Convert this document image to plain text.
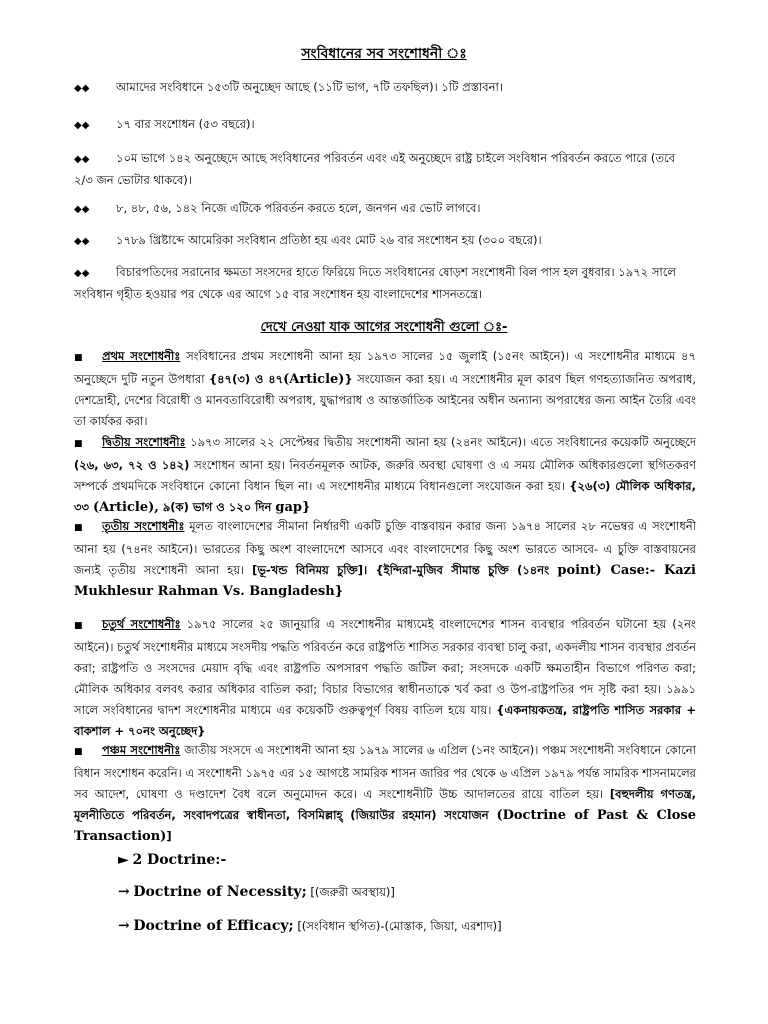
সংবিধানের সব সংশোধনী ঃ
◆◆ আমাদের সংবিধানে ১৫৩টি অনুচ্ছেদ আছে (১১টি ভাগ, ৭টি তফছিল)। ১টি প্রস্তাবনা।
◆◆ ১৭ বার সংশোধন (৫৩ বছরে)।
◆◆ ১০ম ভাগে ১৪২ অনুচ্ছেদে আছে সংবিধানের পরিবর্তন এবং এই অনুচ্ছেদে রাষ্ট্র চাইলে সংবিধান পরিবর্তন করতে পারে (তবে ২/৩ জন ভোটার থাকবে)।
◆◆ ৮, ৪৮, ৫৬, ১৪২ নিজে এটিকে পরিবর্তন করতে হলে, জনগন এর ভোট লাগবে।
◆◆ ১৭৮৯ খ্রিষ্টাব্দে আমেরিকা সংবিধান প্রতিষ্ঠা হয় এবং মোট ২৬ বার সংশোধন হয় (৩০০ বছরে)।
◆◆ বিচারপতিদের সরানোর ক্ষমতা সংসদের হাতে ফিরিয়ে দিতে সংবিধানের ষোড়শ সংশোধনী বিল পাস হল বুধবার। ১৯৭২ সালে সংবিধান গৃহীত হওয়ার পর থেকে এর আগে ১৫ বার সংশোধন হয় বাংলাদেশের শাসনতন্ত্রে।
দেখে নেওয়া যাক আগের সংশোধনী গুলো ঃ-
■ প্রথম সংশোধনীঃ সংবিধানের প্রথম সংশোধনী আনা হয় ১৯৭৩ সালের ১৫ জুলাই (১৫নং আইনে)। এ সংশোধনীর মাধ্যমে ৪৭ অনুচ্ছেদে দুটি নতুন উপধারা {৪৭(৩) ও ৪৭(Article)} সংযোজন করা হয়। এ সংশোধনীর মূল কারণ ছিল গণহত্যাজনিত অপরাধ, দেশদ্রোহী, দেশের বিরোধী ও মানবতাবিরোধী অপরাধ, যুদ্ধাপরাধ ও আন্তর্জাতিক আইনের অধীন অন্যান্য অপরাধের জন্য আইন তৈরি এবং তা কার্যকর করা।
■ দ্বিতীয় সংশোধনীঃ ১৯৭৩ সালের ২২ সেপ্টেম্বর দ্বিতীয় সংশোধনী আনা হয় (২৪নং আইনে)। এতে সংবিধানের কয়েকটি অনুচ্ছেদে (২৬, ৬৩, ৭২ ও ১৪২) সংশোধন আনা হয়। নিবর্তনমূলক আটক, জরুরি অবস্থা ঘোষণা ও এ সময় মৌলিক অধিকারগুলো স্থগিতকরণ সম্পর্কে প্রথমদিকে সংবিধানে কোনো বিধান ছিল না। এ সংশোধনীর মাধ্যমে বিধানগুলো সংযোজন করা হয়। {২৬(৩) মৌলিক অধিকার, ৩৩ (Article), ৯(ক) ভাগ ও ১২০ দিন gap}
■ তৃতীয় সংশোধনীঃ মূলত বাংলাদেশের সীমানা নির্ধারণী একটি চুক্তি বাস্তবায়ন করার জন্য ১৯৭৪ সালের ২৮ নভেম্বর এ সংশোধনী আনা হয় (৭৪নং আইনে)। ভারতের কিছু অংশ বাংলাদেশে আসবে এবং বাংলাদেশের কিছু অংশ ভারতে আসবে- এ চুক্তি বাস্তবায়নের জন্যই তৃতীয় সংশোধনী আনা হয়। [ভূ-খন্ড বিনিময় চুক্তি]। {ইন্দিরা-মুজিব সীমান্ত চুক্তি (১৪নং point) Case:- Kazi Mukhlesur Rahman Vs. Bangladesh}
■ চতুর্থ সংশোধনীঃ ১৯৭৫ সালের ২৫ জানুয়ারি এ সংশোধনীর মাধ্যমেই বাংলাদেশের শাসন ব্যবস্থার পরিবর্তন ঘটানো হয় (২নং আইনে)। চতুর্থ সংশোধনীর মাধ্যমে সংসদীয় পদ্ধতি পরিবর্তন করে রাষ্ট্রপতি শাসিত সরকার ব্যবস্থা চালু করা, একদলীয় শাসন ব্যবস্থার প্রবর্তন করা; রাষ্ট্রপতি ও সংসদের মেয়াদ বৃদ্ধি এবং রাষ্ট্রপতি অপসারণ পদ্ধতি জটিল করা; সংসদকে একটি ক্ষমতাহীন বিভাগে পরিণত করা; মৌলিক অধিকার বলবৎ করার অধিকার বাতিল করা; বিচার বিভাগের স্বাধীনতাকে খর্ব করা ও উপ-রাষ্ট্রপতির পদ সৃষ্টি করা হয়। ১৯৯১ সালে সংবিধানের দ্বাদশ সংশোধনীর মাধ্যমে এর কয়েকটি গুরুত্বপূর্ণ বিষয় বাতিল হয়ে যায়। {একনায়কতন্ত্র, রাষ্ট্রপতি শাসিত সরকার + বাকশাল + ৭০নং অনুচ্ছেদ}
■ পঞ্চম সংশোধনীঃ জাতীয় সংসদে এ সংশোধনী আনা হয় ১৯৭৯ সালের ৬ এপ্রিল (১নং আইনে)। পঞ্চম সংশোধনী সংবিধানে কোনো বিধান সংশোধন করেনি। এ সংশোধনী ১৯৭৫ এর ১৫ আগষ্টে সামরিক শাসন জারির পর থেকে ৬ এপ্রিল ১৯৭৯ পর্যন্ত সামরিক শাসনামলের সব আদেশ, ঘোষণা ও দণ্ডাদেশ বৈধ বলে অনুমোদন করে। এ সংশোধনীটি উচ্চ আদালতের রায়ে বাতিল হয়। [বহুদলীয় গণতন্ত্র, মূলনীতিতে পরিবর্তন, সংবাদপত্রের স্বাধীনতা, বিসমিল্লাহ্ (জিয়াউর রহমান) সংযোজন (Doctrine of Past & Close Transaction)]
► 2 Doctrine:-
→ Doctrine of Necessity; [(জরুরী অবস্থায়)]
→ Doctrine of Efficacy; [(সংবিধান স্থগিত)-(মোস্তাক, জিয়া, এরশাদ)]
